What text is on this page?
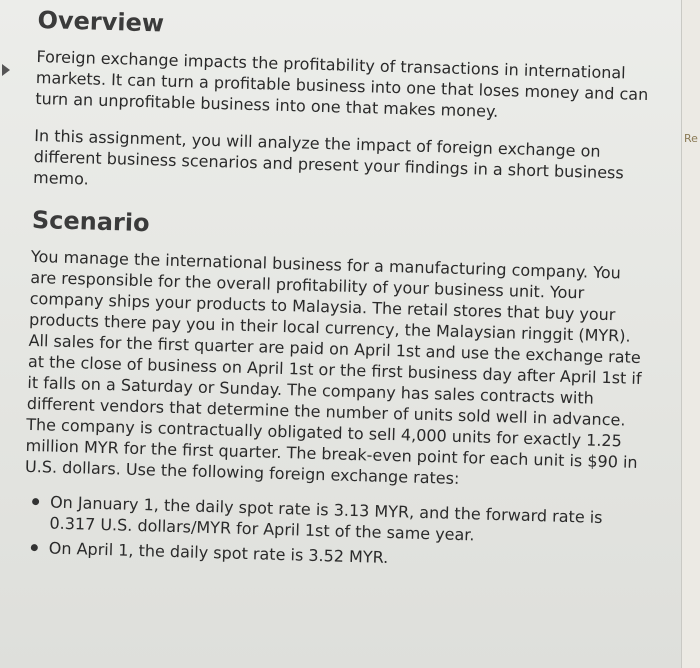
Overview

Foreign exchange impacts the profitability of transactions in international markets. It can turn a profitable business into one that loses money and can turn an unprofitable business into one that makes money.

In this assignment, you will analyze the impact of foreign exchange on different business scenarios and present your findings in a short business memo.

Scenario

You manage the international business for a manufacturing company. You are responsible for the overall profitability of your business unit. Your company ships your products to Malaysia. The retail stores that buy your products there pay you in their local currency, the Malaysian ringgit (MYR). All sales for the first quarter are paid on April 1st and use the exchange rate at the close of business on April 1st or the first business day after April 1st if it falls on a Saturday or Sunday. The company has sales contracts with different vendors that determine the number of units sold well in advance. The company is contractually obligated to sell 4,000 units for exactly 1.25 million MYR for the first quarter. The break-even point for each unit is $90 in U.S. dollars. Use the following foreign exchange rates:

On January 1, the daily spot rate is 3.13 MYR, and the forward rate is 0.317 U.S. dollars/MYR for April 1st of the same year.
On April 1, the daily spot rate is 3.52 MYR.
Re
